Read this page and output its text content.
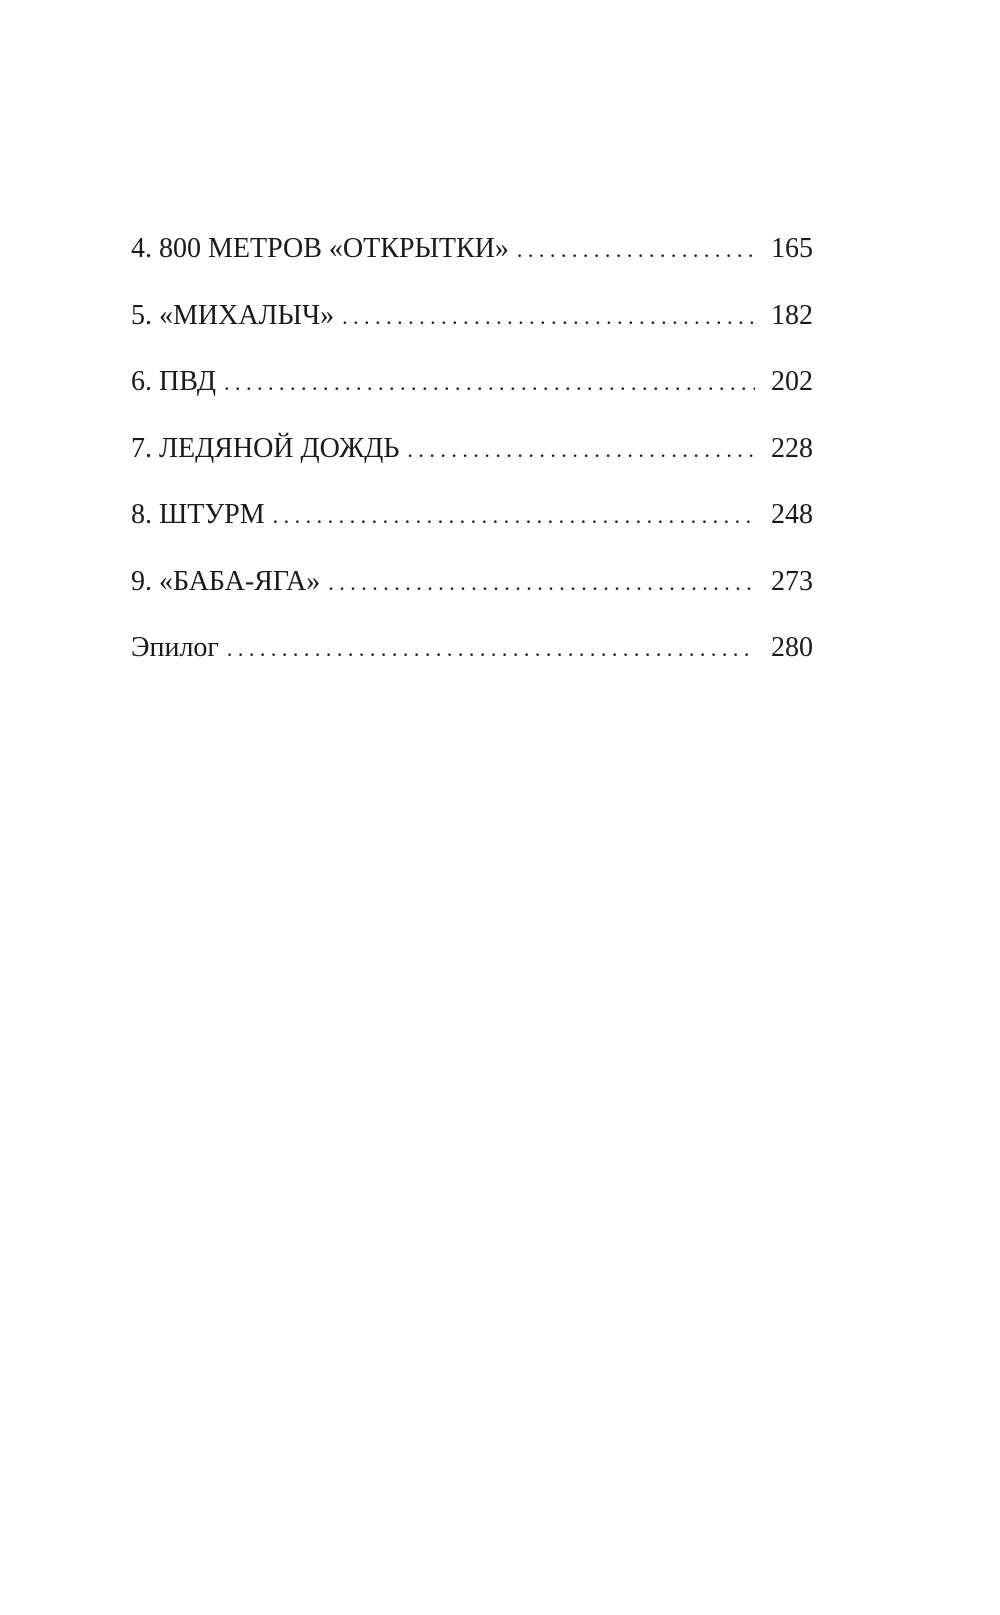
4. 800 МЕТРОВ «ОТКРЫТКИ» . . .	165
5. «МИХАЛЫЧ» . . .	182
6. ПВД . . .	202
7. ЛЕДЯНОЙ ДОЖДЬ . . .	228
8. ШТУРМ . . .	248
9. «БАБА-ЯГА» . . .	273
Эпилог . . .	280
